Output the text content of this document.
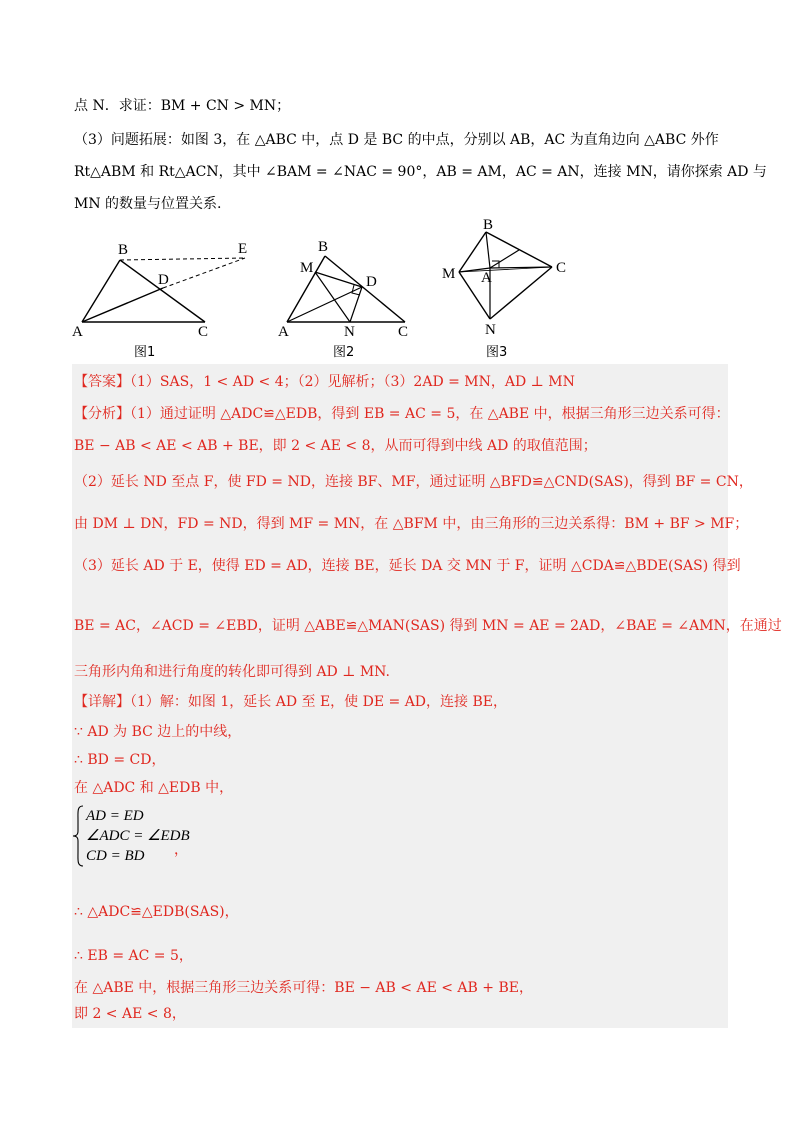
点 N．求证：BM + CN > MN；
（3）问题拓展：如图 3，在 △ABC 中，点 D 是 BC 的中点，分别以 AB，AC 为直角边向 △ABC 外作
Rt△ABM 和 Rt△ACN，其中 ∠BAM = ∠NAC = 90°，AB = AM，AC = AN，连接 MN，请你探索 AD 与
MN 的数量与位置关系.
B	E
D
A	C
图1
B
M
D
A	N	C
图2
B
M	C
A
N
图3
【答案】（1）SAS，1 < AD < 4；（2）见解析；（3）2AD = MN，AD ⊥ MN
【分析】（1）通过证明 △ADC≌△EDB，得到 EB = AC = 5，在 △ABE 中，根据三角形三边关系可得：
BE − AB < AE < AB + BE，即 2 < AE < 8，从而可得到中线 AD 的取值范围；
（2）延长 ND 至点 F，使 FD = ND，连接 BF、MF，通过证明 △BFD≌△CND(SAS)，得到 BF = CN，
由 DM ⊥ DN，FD = ND，得到 MF = MN，在 △BFM 中，由三角形的三边关系得：BM + BF > MF；
（3）延长 AD 于 E，使得 ED = AD，连接 BE，延长 DA 交 MN 于 F，证明 △CDA≌△BDE(SAS) 得到
BE = AC，∠ACD = ∠EBD，证明 △ABE≌△MAN(SAS) 得到 MN = AE = 2AD，∠BAE = ∠AMN，在通过
三角形内角和进行角度的转化即可得到 AD ⊥ MN.
【详解】（1）解：如图 1，延长 AD 至 E，使 DE = AD，连接 BE，
∵ AD 为 BC 边上的中线，
∴ BD = CD，
在 △ADC 和 △EDB 中，
AD = ED
∠ADC = ∠EDB
CD = BD	，
∴ △ADC≌△EDB(SAS)，
∴ EB = AC = 5，
在 △ABE 中，根据三角形三边关系可得：BE − AB < AE < AB + BE，
即 2 < AE < 8，
